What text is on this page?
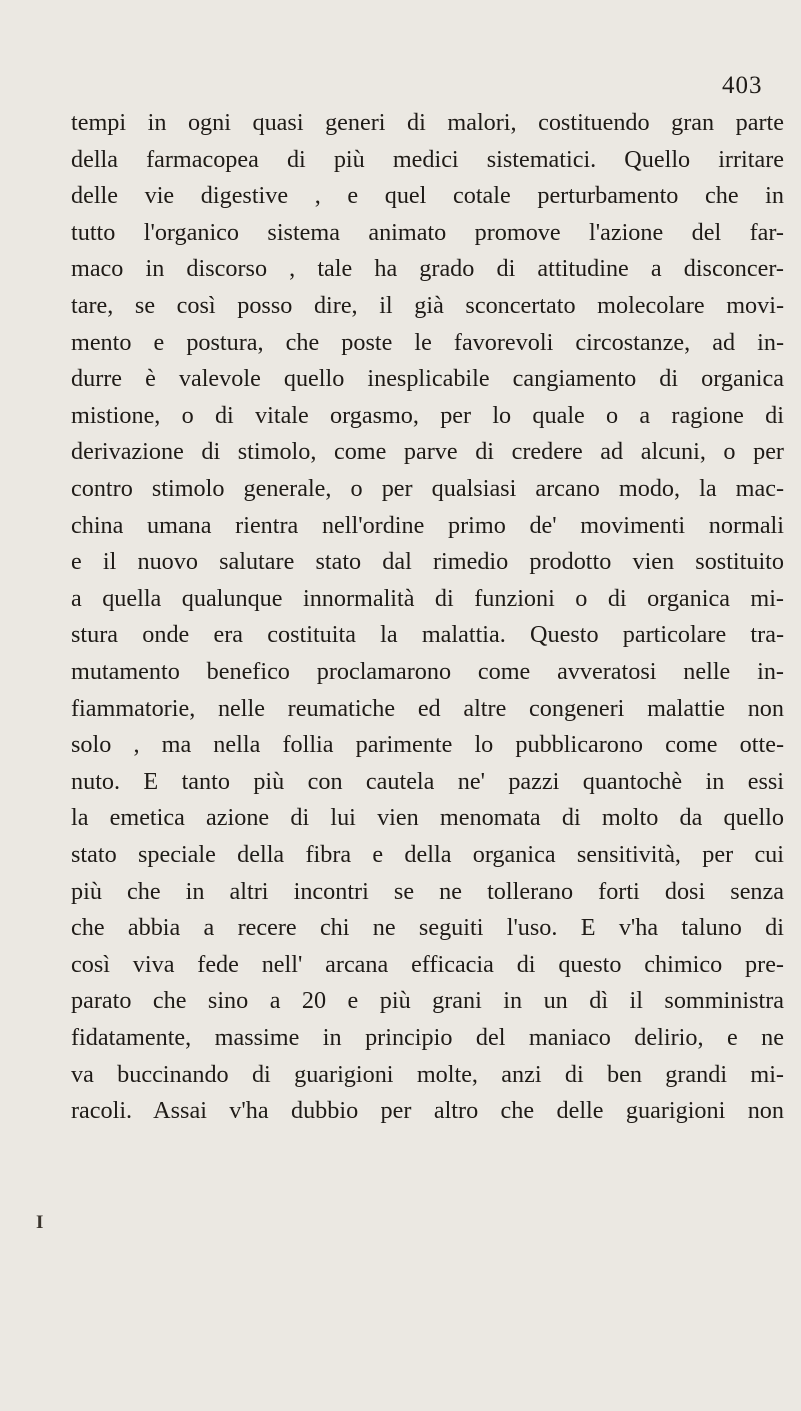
403
tempi in ogni quasi generi di malori, costituendo gran parte
della farmacopea di più medici sistematici. Quello irritare
delle vie digestive , e quel cotale perturbamento che in
tutto l'organico sistema animato promove l'azione del far-
maco in discorso , tale ha grado di attitudine a disconcer-
tare, se così posso dire, il già sconcertato molecolare movi-
mento e postura, che poste le favorevoli circostanze, ad in-
durre è valevole quello inesplicabile cangiamento di organica
mistione, o di vitale orgasmo, per lo quale o a ragione di
derivazione di stimolo, come parve di credere ad alcuni, o per
contro stimolo generale, o per qualsiasi arcano modo, la mac-
china umana rientra nell'ordine primo de' movimenti normali
e il nuovo salutare stato dal rimedio prodotto vien sostituito
a quella qualunque innormalità di funzioni o di organica mi-
stura onde era costituita la malattia. Questo particolare tra-
mutamento benefico proclamarono come avveratosi nelle in-
fiammatorie, nelle reumatiche ed altre congeneri malattie non
solo , ma nella follia parimente lo pubblicarono come otte-
nuto. E tanto più con cautela ne' pazzi quantochè in essi
la emetica azione di lui vien menomata di molto da quello
stato speciale della fibra e della organica sensitività, per cui
più che in altri incontri se ne tollerano forti dosi senza
che abbia a recere chi ne seguiti l'uso. E v'ha taluno di
così viva fede nell' arcana efficacia di questo chimico pre-
parato che sino a 20 e più grani in un dì il somministra
fidatamente, massime in principio del maniaco delirio, e ne
va buccinando di guarigioni molte, anzi di ben grandi mi-
racoli. Assai v'ha dubbio per altro che delle guarigioni non
I
